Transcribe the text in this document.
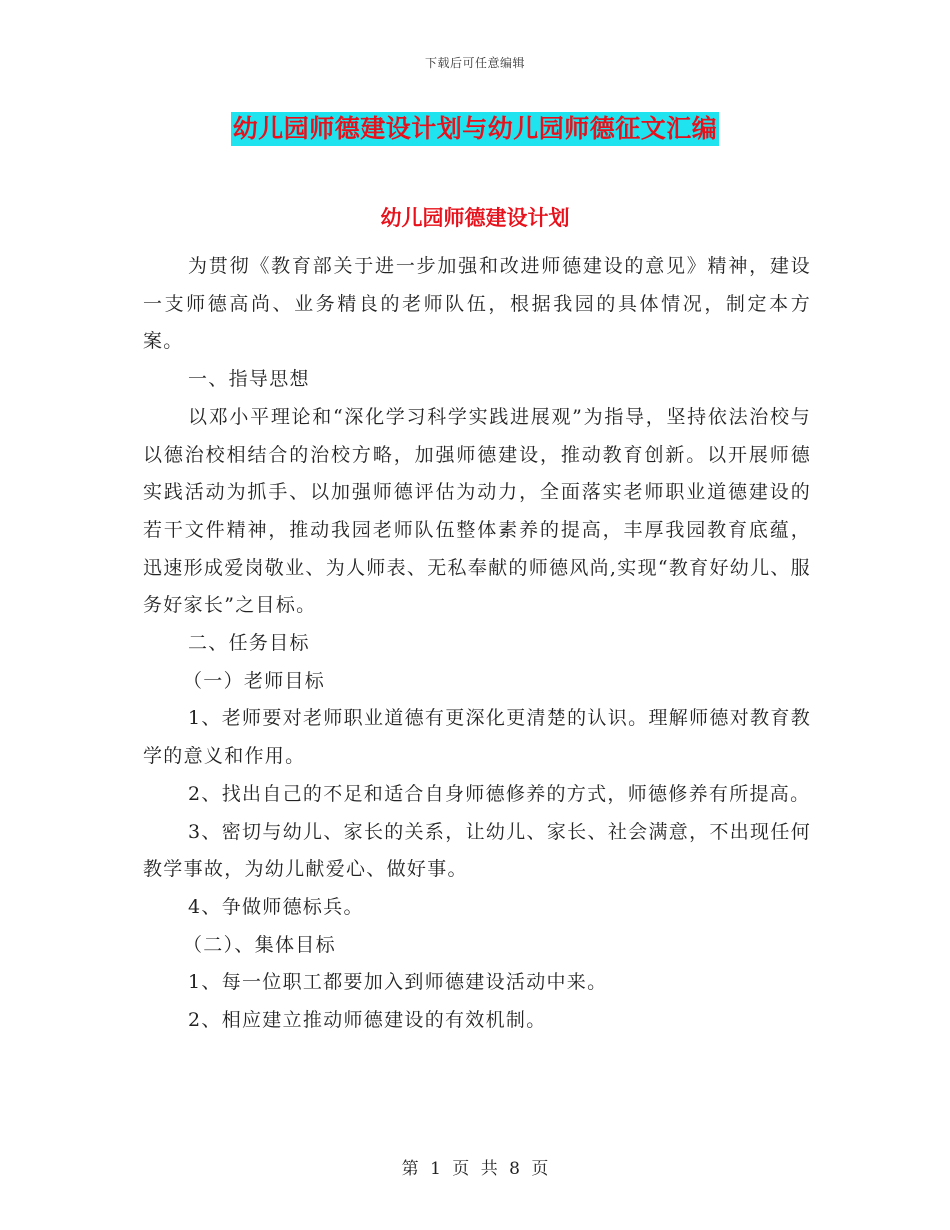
下载后可任意编辑
幼儿园师德建设计划与幼儿园师德征文汇编
幼儿园师德建设计划

为贯彻《教育部关于进一步加强和改进师德建设的意见》精神，建设一支师德高尚、业务精良的老师队伍，根据我园的具体情况，制定本方案。

一、指导思想

以邓小平理论和“深化学习科学实践进展观”为指导，坚持依法治校与以德治校相结合的治校方略，加强师德建设，推动教育创新。以开展师德实践活动为抓手、以加强师德评估为动力，全面落实老师职业道德建设的若干文件精神，推动我园老师队伍整体素养的提高，丰厚我园教育底蕴，迅速形成爱岗敬业、为人师表、无私奉献的师德风尚,实现“教育好幼儿、服务好家长”之目标。

二、任务目标

（一）老师目标

1、老师要对老师职业道德有更深化更清楚的认识。理解师德对教育教学的意义和作用。

2、找出自己的不足和适合自身师德修养的方式，师德修养有所提高。

3、密切与幼儿、家长的关系，让幼儿、家长、社会满意，不出现任何教学事故，为幼儿献爱心、做好事。

4、争做师德标兵。

（二）、集体目标

1、每一位职工都要加入到师德建设活动中来。

2、相应建立推动师德建设的有效机制。

第 1 页 共 8 页
